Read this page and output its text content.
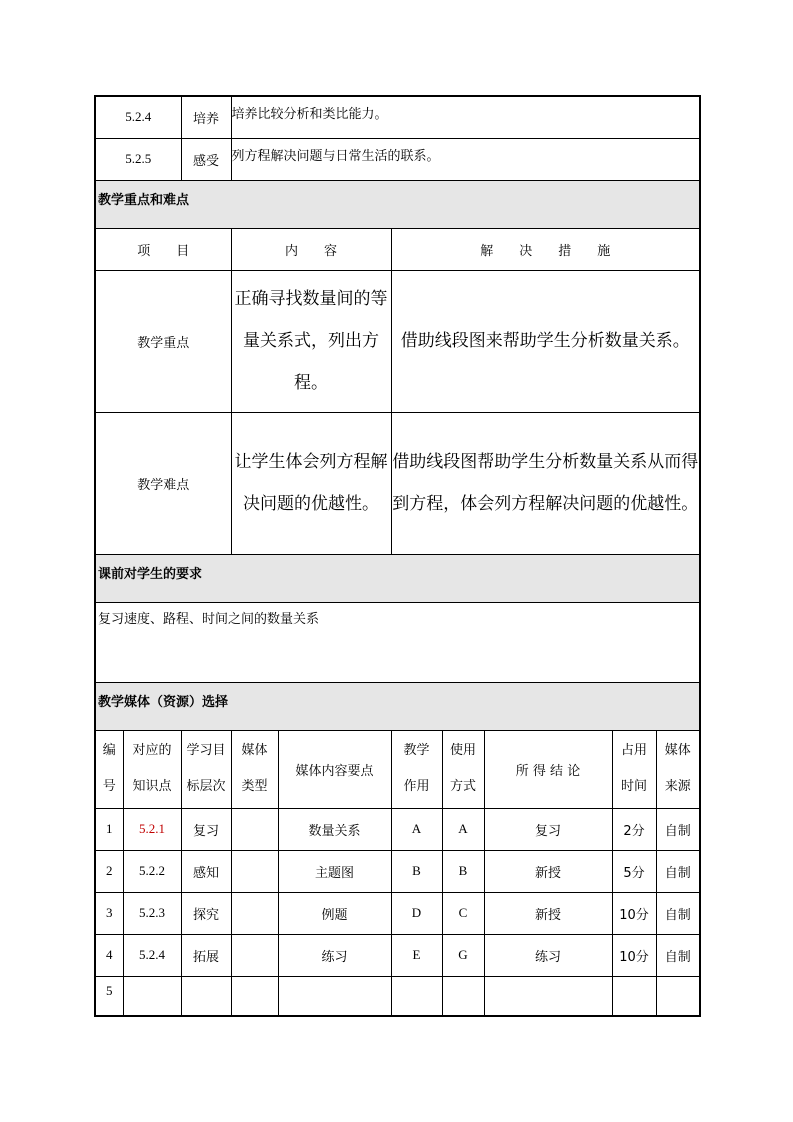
5.2.4		培养	培养比较分析和类比能力。						
5.2.5		感受	列方程解决问题与日常生活的联系。						
教学重点和难点									
项　　目			内　　容		解　　决　　措　　施				
教学重点			正确寻找数量间的等量关系式，列出方程。		借助线段图来帮助学生分析数量关系。				
教学难点			让学生体会列方程解决问题的优越性。		借助线段图帮助学生分析数量关系从而得到方程，体会列方程解决问题的优越性。				
课前对学生的要求									
复习速度、路程、时间之间的数量关系									
教学媒体（资源）选择									
编号	对应的知识点	学习目标层次	媒体类型	媒体内容要点	教学作用	使用方式	所 得 结 论	占用时间	媒体来源
1	5.2.1	复习		数量关系	A	A	复习	2分	自制
2	5.2.2	感知		主题图	B	B	新授	5分	自制
3	5.2.3	探究		例题	D	C	新授	10分	自制
4	5.2.4	拓展		练习	E	G	练习	10分	自制
5									
